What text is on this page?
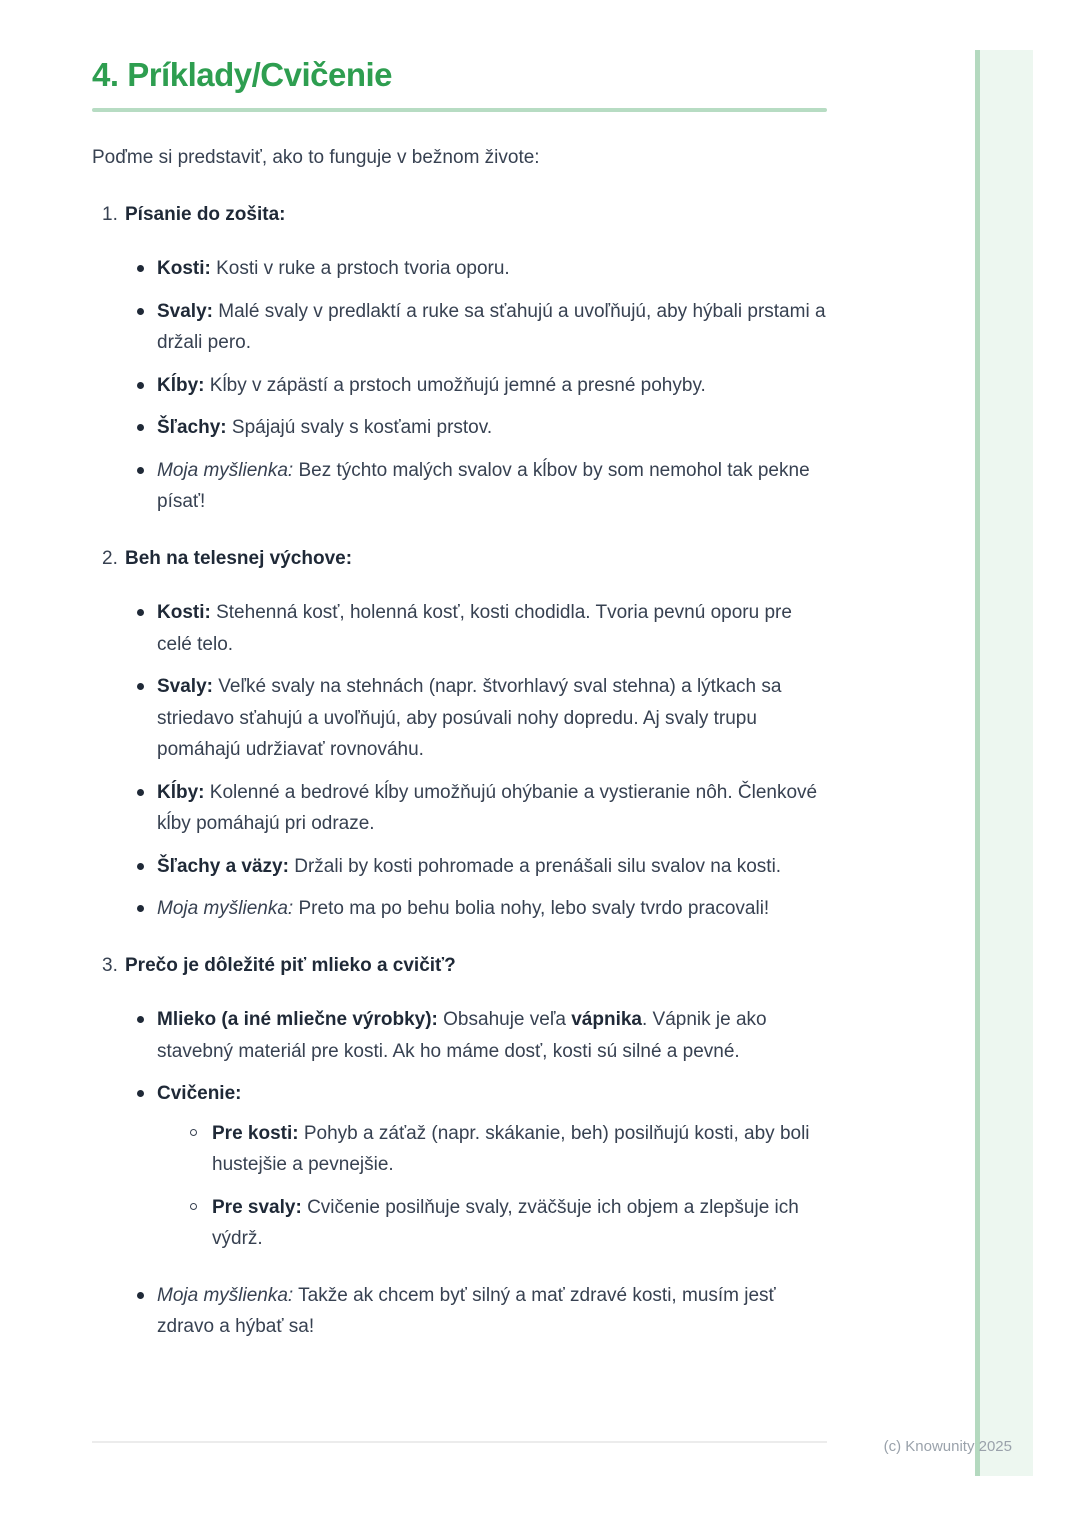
4. Príklady/Cvičenie

Poďme si predstaviť, ako to funguje v bežnom živote:

1. Písanie do zošita:

Kosti: Kosti v ruke a prstoch tvoria oporu.

Svaly: Malé svaly v predlaktí a ruke sa sťahujú a uvoľňujú, aby hýbali prstami a držali pero.

Kĺby: Kĺby v zápästí a prstoch umožňujú jemné a presné pohyby.

Šľachy: Spájajú svaly s kosťami prstov.

Moja myšlienka: Bez týchto malých svalov a kĺbov by som nemohol tak pekne písať!

2. Beh na telesnej výchove:

Kosti: Stehenná kosť, holenná kosť, kosti chodidla. Tvoria pevnú oporu pre celé telo.

Svaly: Veľké svaly na stehnách (napr. štvorhlavý sval stehna) a lýtkach sa striedavo sťahujú a uvoľňujú, aby posúvali nohy dopredu. Aj svaly trupu pomáhajú udržiavať rovnováhu.

Kĺby: Kolenné a bedrové kĺby umožňujú ohýbanie a vystieranie nôh. Členkové kĺby pomáhajú pri odraze.

Šľachy a väzy: Držali by kosti pohromade a prenášali silu svalov na kosti.

Moja myšlienka: Preto ma po behu bolia nohy, lebo svaly tvrdo pracovali!

3. Prečo je dôležité piť mlieko a cvičiť?

Mlieko (a iné mliečne výrobky): Obsahuje veľa vápnika. Vápnik je ako stavebný materiál pre kosti. Ak ho máme dosť, kosti sú silné a pevné.

Cvičenie:

Pre kosti: Pohyb a záťaž (napr. skákanie, beh) posilňujú kosti, aby boli hustejšie a pevnejšie.

Pre svaly: Cvičenie posilňuje svaly, zväčšuje ich objem a zlepšuje ich výdrž.

Moja myšlienka: Takže ak chcem byť silný a mať zdravé kosti, musím jesť zdravo a hýbať sa!

(c) Knowunity 2025
